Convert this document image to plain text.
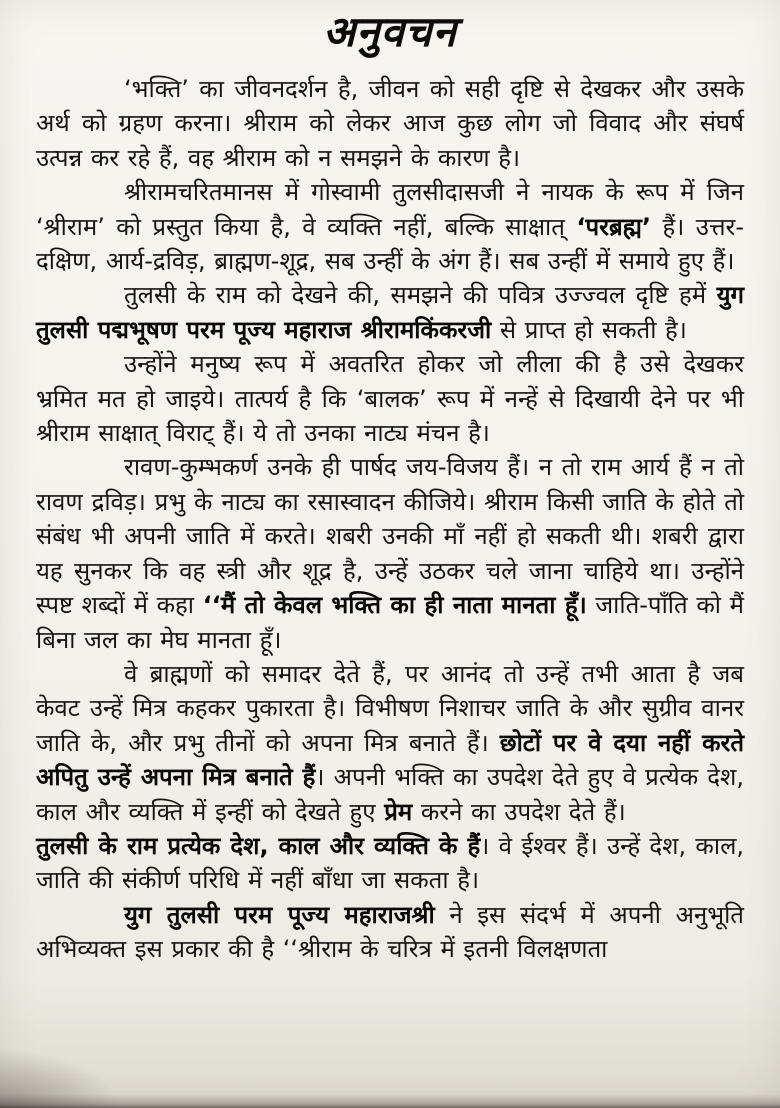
अनुवचन

‘भक्ति’ का जीवनदर्शन है, जीवन को सही दृष्टि से देखकर और उसके अर्थ को ग्रहण करना। श्रीराम को लेकर आज कुछ लोग जो विवाद और संघर्ष उत्पन्न कर रहे हैं, वह श्रीराम को न समझने के कारण है।

श्रीरामचरितमानस में गोस्वामी तुलसीदासजी ने नायक के रूप में जिन ‘श्रीराम’ को प्रस्तुत किया है, वे व्यक्ति नहीं, बल्कि साक्षात् ‘परब्रह्म’ हैं। उत्तर-दक्षिण, आर्य-द्रविड़, ब्राह्मण-शूद्र, सब उन्हीं के अंग हैं। सब उन्हीं में समाये हुए हैं।

तुलसी के राम को देखने की, समझने की पवित्र उज्ज्वल दृष्टि हमें युग तुलसी पद्मभूषण परम पूज्य महाराज श्रीरामकिंकरजी से प्राप्त हो सकती है।

उन्होंने मनुष्य रूप में अवतरित होकर जो लीला की है उसे देखकर भ्रमित मत हो जाइये। तात्पर्य है कि ‘बालक’ रूप में नन्हें से दिखायी देने पर भी श्रीराम साक्षात् विराट् हैं। ये तो उनका नाट्य मंचन है।

रावण-कुम्भकर्ण उनके ही पार्षद जय-विजय हैं। न तो राम आर्य हैं न तो रावण द्रविड़। प्रभु के नाट्य का रसास्वादन कीजिये। श्रीराम किसी जाति के होते तो संबंध भी अपनी जाति में करते। शबरी उनकी माँ नहीं हो सकती थी। शबरी द्वारा यह सुनकर कि वह स्त्री और शूद्र है, उन्हें उठकर चले जाना चाहिये था। उन्होंने स्पष्ट शब्दों में कहा ‘‘मैं तो केवल भक्ति का ही नाता मानता हूँ। जाति-पाँति को मैं बिना जल का मेघ मानता हूँ।

वे ब्राह्मणों को समादर देते हैं, पर आनंद तो उन्हें तभी आता है जब केवट उन्हें मित्र कहकर पुकारता है। विभीषण निशाचर जाति के और सुग्रीव वानर जाति के, और प्रभु तीनों को अपना मित्र बनाते हैं। छोटों पर वे दया नहीं करते अपितु उन्हें अपना मित्र बनाते हैं। अपनी भक्ति का उपदेश देते हुए वे प्रत्येक देश, काल और व्यक्ति में इन्हीं को देखते हुए प्रेम करने का उपदेश देते हैं।

तुलसी के राम प्रत्येक देश, काल और व्यक्ति के हैं। वे ईश्वर हैं। उन्हें देश, काल, जाति की संकीर्ण परिधि में नहीं बाँधा जा सकता है।

युग तुलसी परम पूज्य महाराजश्री ने इस संदर्भ में अपनी अनुभूति अभिव्यक्त इस प्रकार की है ‘‘श्रीराम के चरित्र में इतनी विलक्षणता
